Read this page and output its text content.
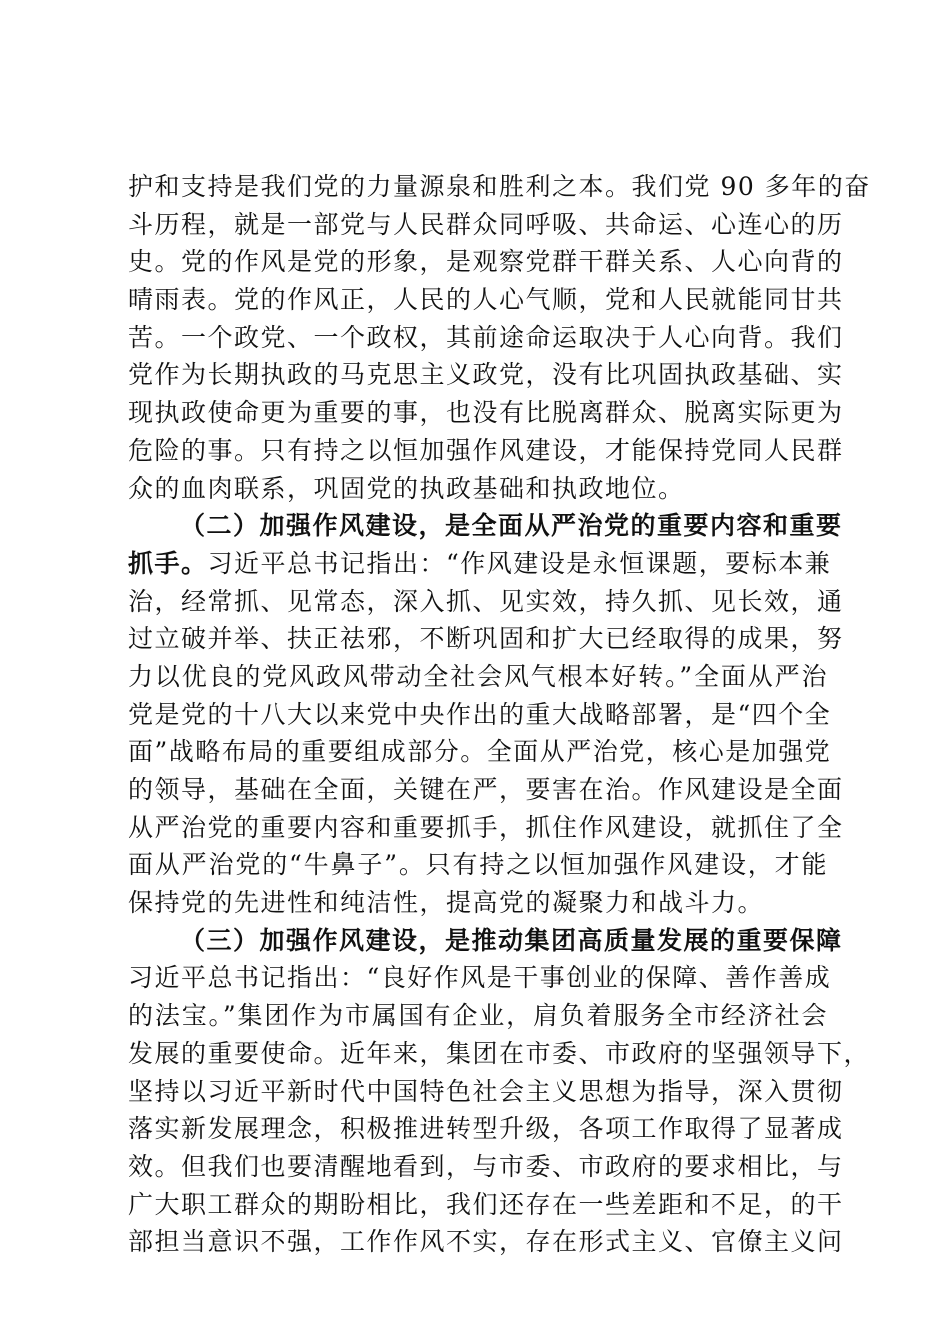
护和支持是我们党的力量源泉和胜利之本。我们党 90 多年的奋
斗历程，就是一部党与人民群众同呼吸、共命运、心连心的历
史。党的作风是党的形象，是观察党群干群关系、人心向背的
晴雨表。党的作风正，人民的人心气顺，党和人民就能同甘共
苦。一个政党、一个政权，其前途命运取决于人心向背。我们
党作为长期执政的马克思主义政党，没有比巩固执政基础、实
现执政使命更为重要的事，也没有比脱离群众、脱离实际更为
危险的事。只有持之以恒加强作风建设，才能保持党同人民群
众的血肉联系，巩固党的执政基础和执政地位。
（二）加强作风建设，是全面从严治党的重要内容和重要
抓手。习近平总书记指出：“作风建设是永恒课题，要标本兼
治，经常抓、见常态，深入抓、见实效，持久抓、见长效，通
过立破并举、扶正祛邪，不断巩固和扩大已经取得的成果，努
力以优良的党风政风带动全社会风气根本好转。”全面从严治
党是党的十八大以来党中央作出的重大战略部署，是“四个全
面”战略布局的重要组成部分。全面从严治党，核心是加强党
的领导，基础在全面，关键在严，要害在治。作风建设是全面
从严治党的重要内容和重要抓手，抓住作风建设，就抓住了全
面从严治党的“牛鼻子”。只有持之以恒加强作风建设，才能
保持党的先进性和纯洁性，提高党的凝聚力和战斗力。
（三）加强作风建设，是推动集团高质量发展的重要保障
习近平总书记指出：“良好作风是干事创业的保障、善作善成
的法宝。”集团作为市属国有企业，肩负着服务全市经济社会
发展的重要使命。近年来，集团在市委、市政府的坚强领导下，
坚持以习近平新时代中国特色社会主义思想为指导，深入贯彻
落实新发展理念，积极推进转型升级，各项工作取得了显著成
效。但我们也要清醒地看到，与市委、市政府的要求相比，与
广大职工群众的期盼相比，我们还存在一些差距和不足，的干
部担当意识不强，工作作风不实，存在形式主义、官僚主义问
